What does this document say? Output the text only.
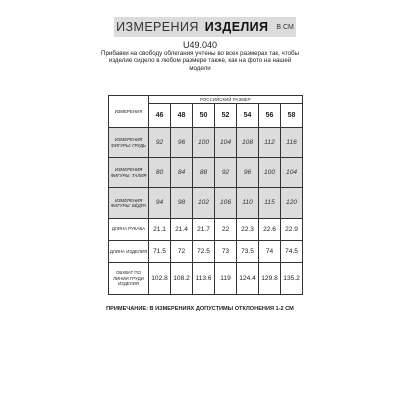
ИЗМЕРЕНИЯ ИЗДЕЛИЯ В СМ
U49.040
Прибавки на свободу облегания учтены во всех размерах так, чтобы изделие сидело в любом размере также, как на фото на нашей модели
ИЗМЕРЕНИЯ	РОССИЙСКИЙ РАЗМЕР						
	46	48	50	52	54	56	58
ИЗМЕРЕНИЯ ФИГУРЫ: ГРУДЬ	92	96	100	104	108	112	116
ИЗМЕРЕНИЯ ФИГУРЫ: ТАЛИЯ	80	84	88	92	96	100	104
ИЗМЕРЕНИЯ ФИГУРЫ: БЁДРА	94	98	102	106	110	115	120
ДЛИНА РУКАВА	21.1	21.4	21.7	22	22.3	22.6	22.9
ДЛИНА ИЗДЕЛИЯ	71.5	72	72.5	73	73.5	74	74.5
ОБХВАТ ПО ЛИНИИ ГРУДИ ИЗДЕЛИЯ	102.8	108.2	113.6	119	124.4	129.8	135.2
ПРИМЕЧАНИЕ: В ИЗМЕРЕНИЯХ ДОПУСТИМЫ ОТКЛОНЕНИЯ 1-2 СМ
